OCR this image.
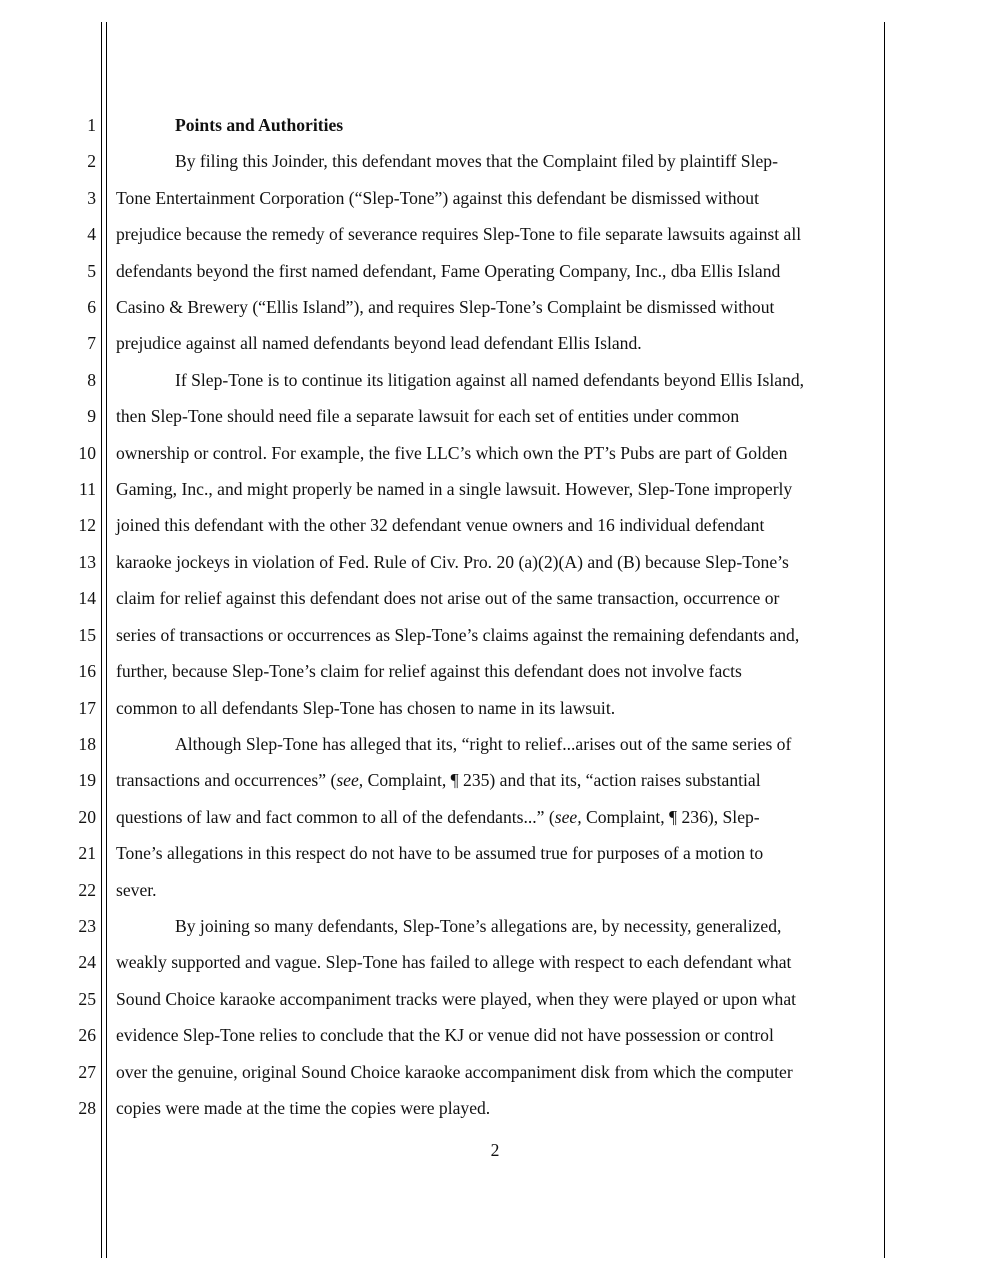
1
2
3
4
5
6
7
8
9
10
11
12
13
14
15
16
17
18
19
20
21
22
23
24
25
26
27
28
Points and Authorities
By filing this Joinder, this defendant moves that the Complaint filed by plaintiff Slep-
Tone Entertainment Corporation (“Slep-Tone”) against this defendant be dismissed without
prejudice because the remedy of severance requires Slep-Tone to file separate lawsuits against all
defendants beyond the first named defendant, Fame Operating Company, Inc., dba Ellis Island
Casino & Brewery (“Ellis Island”), and requires Slep-Tone’s Complaint be dismissed without
prejudice against all named defendants beyond lead defendant Ellis Island.
If Slep-Tone is to continue its litigation against all named defendants beyond Ellis Island,
then Slep-Tone should need file a separate lawsuit for each set of entities under common
ownership or control. For example, the five LLC’s which own the PT’s Pubs are part of Golden
Gaming, Inc., and might properly be named in a single lawsuit. However, Slep-Tone improperly
joined this defendant with the other 32 defendant venue owners and 16 individual defendant
karaoke jockeys in violation of Fed. Rule of Civ. Pro. 20 (a)(2)(A) and (B) because Slep-Tone’s
claim for relief against this defendant does not arise out of the same transaction, occurrence or
series of transactions or occurrences as Slep-Tone’s claims against the remaining defendants and,
further, because Slep-Tone’s claim for relief against this defendant does not involve facts
common to all defendants Slep-Tone has chosen to name in its lawsuit.
Although Slep-Tone has alleged that its, “right to relief...arises out of the same series of
transactions and occurrences” (see, Complaint, ¶ 235) and that its, “action raises substantial
questions of law and fact common to all of the defendants...” (see, Complaint, ¶ 236), Slep-
Tone’s allegations in this respect do not have to be assumed true for purposes of a motion to
sever.
By joining so many defendants, Slep-Tone’s allegations are, by necessity, generalized,
weakly supported and vague. Slep-Tone has failed to allege with respect to each defendant what
Sound Choice karaoke accompaniment tracks were played, when they were played or upon what
evidence Slep-Tone relies to conclude that the KJ or venue did not have possession or control
over the genuine, original Sound Choice karaoke accompaniment disk from which the computer
copies were made at the time the copies were played.
2
